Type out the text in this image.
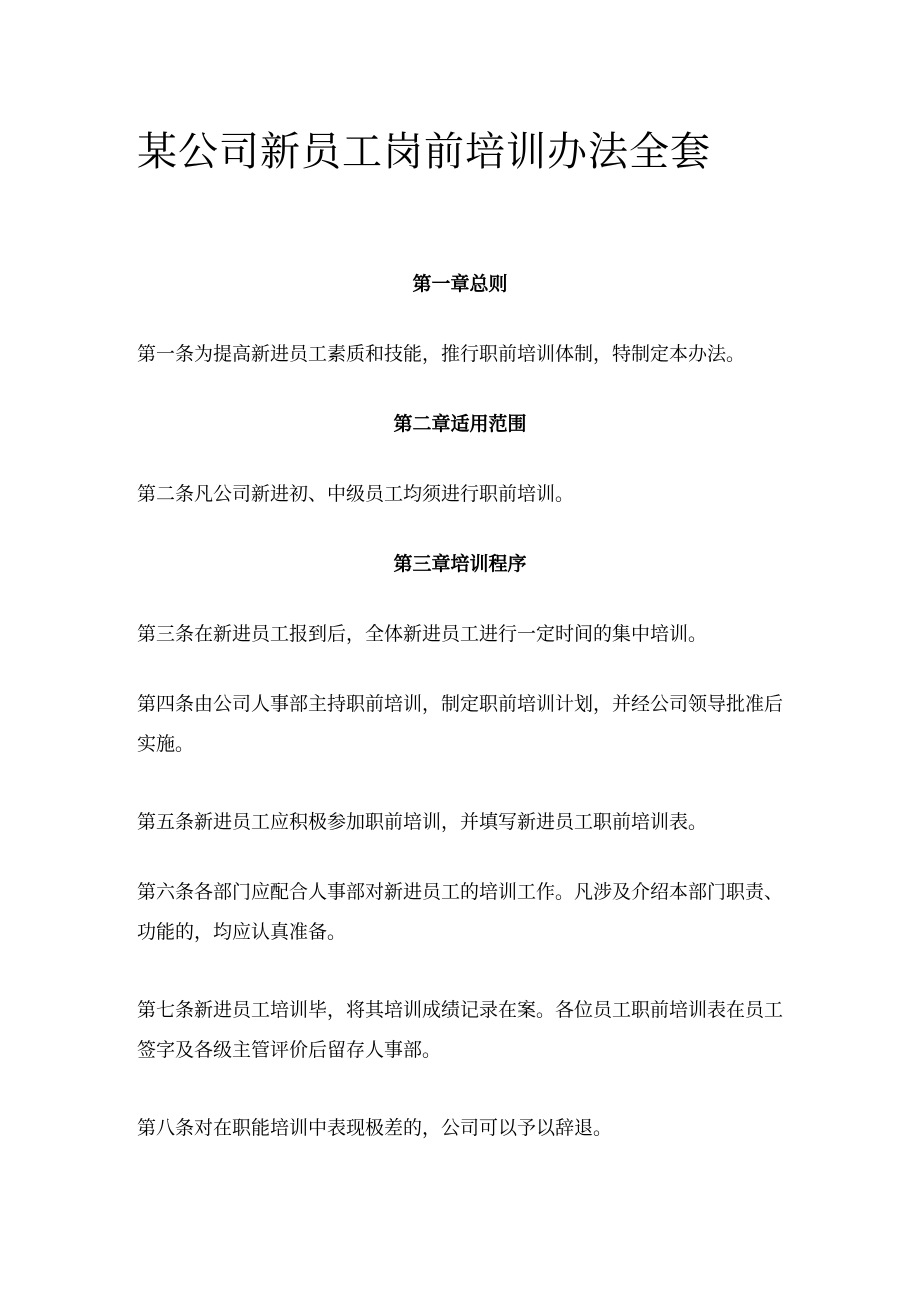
某公司新员工岗前培训办法全套
第一章总则

第一条为提高新进员工素质和技能，推行职前培训体制，特制定本办法。

第二章适用范围

第二条凡公司新进初、中级员工均须进行职前培训。

第三章培训程序

第三条在新进员工报到后，全体新进员工进行一定时间的集中培训。

第四条由公司人事部主持职前培训，制定职前培训计划，并经公司领导批准后实施。

第五条新进员工应积极参加职前培训，并填写新进员工职前培训表。

第六条各部门应配合人事部对新进员工的培训工作。凡涉及介绍本部门职责、功能的，均应认真准备。

第七条新进员工培训毕，将其培训成绩记录在案。各位员工职前培训表在员工签字及各级主管评价后留存人事部。

第八条对在职能培训中表现极差的，公司可以予以辞退。
